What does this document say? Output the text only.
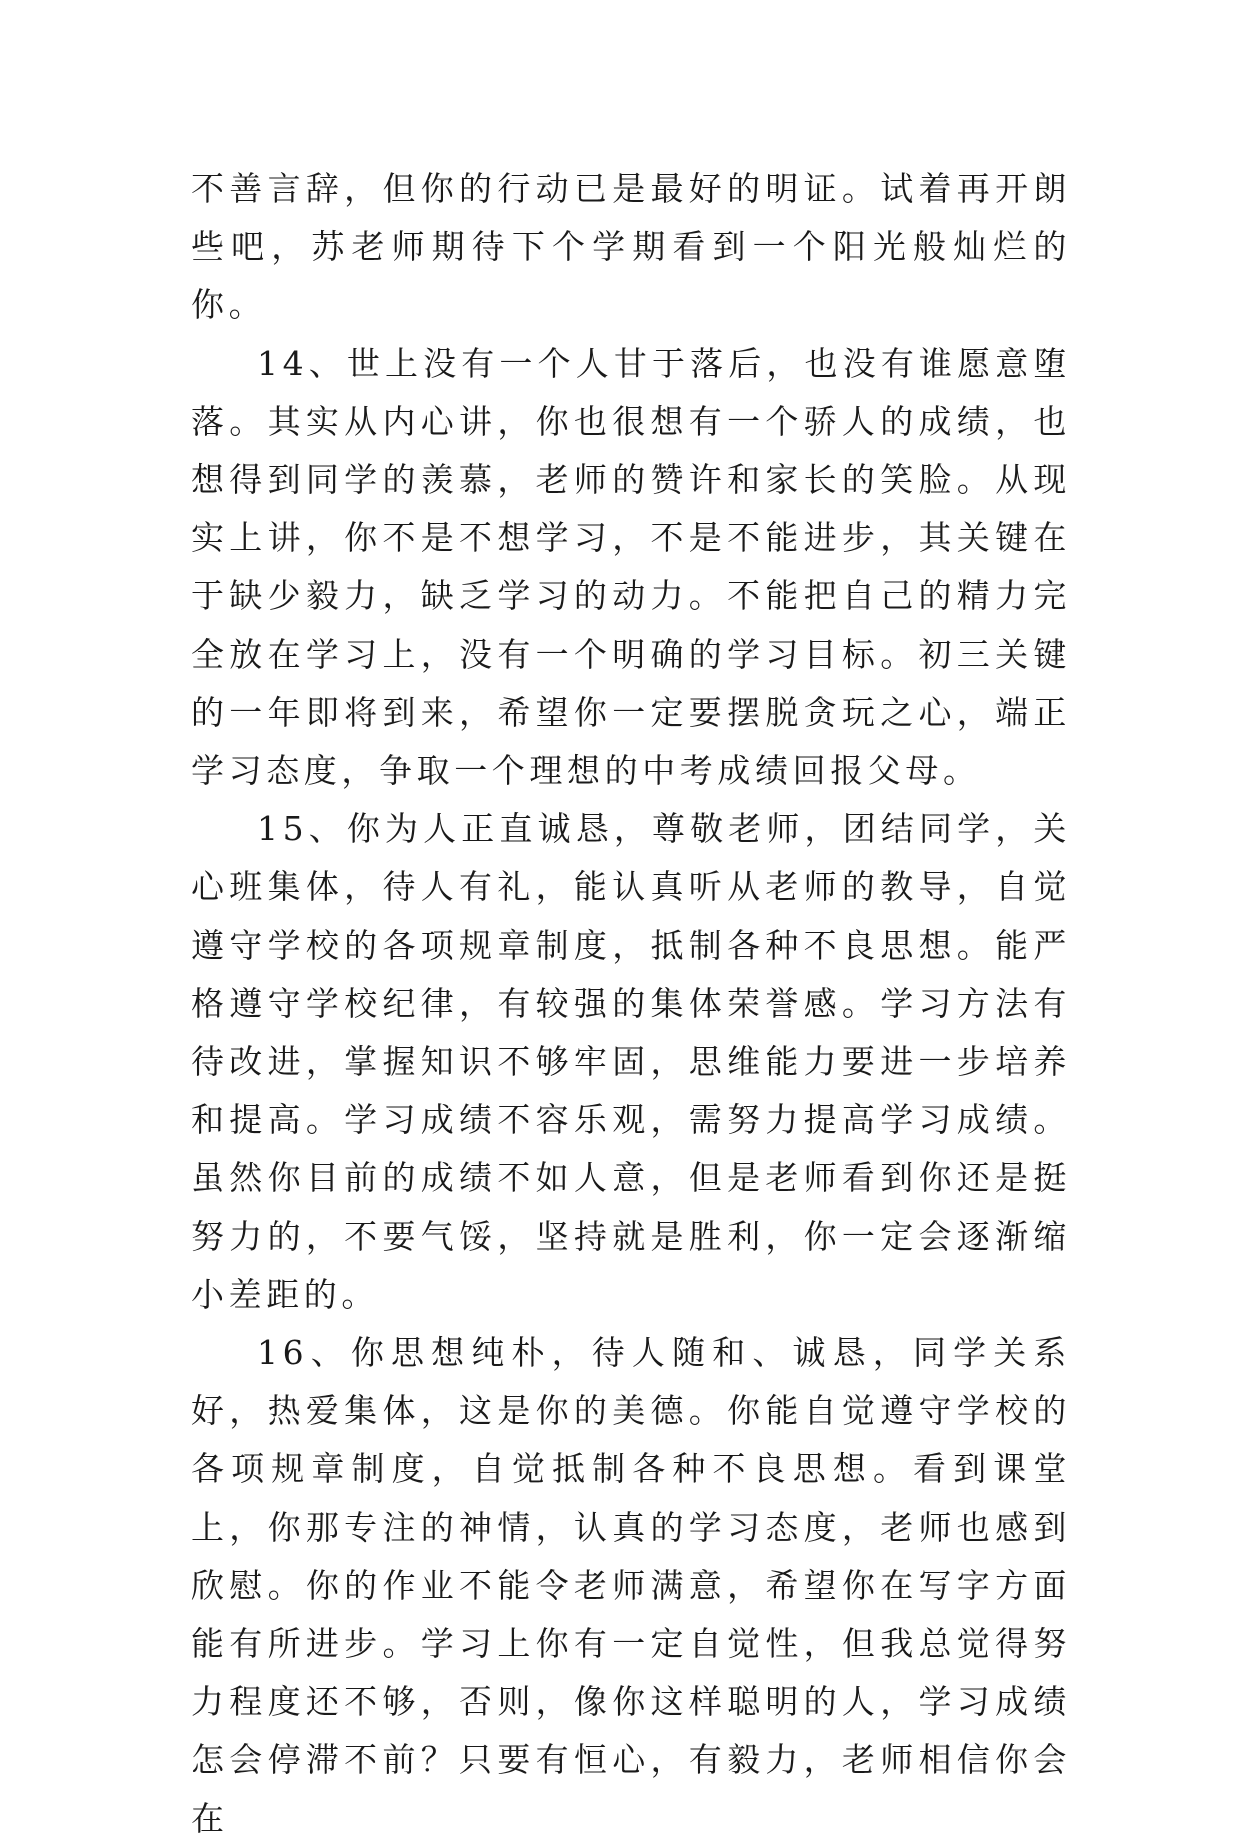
不善言辞，但你的行动已是最好的明证。试着再开朗些吧，苏老师期待下个学期看到一个阳光般灿烂的你。

14、世上没有一个人甘于落后，也没有谁愿意堕落。其实从内心讲，你也很想有一个骄人的成绩，也想得到同学的羡慕，老师的赞许和家长的笑脸。从现实上讲，你不是不想学习，不是不能进步，其关键在于缺少毅力，缺乏学习的动力。不能把自己的精力完全放在学习上，没有一个明确的学习目标。初三关键的一年即将到来，希望你一定要摆脱贪玩之心，端正学习态度，争取一个理想的中考成绩回报父母。

15、你为人正直诚恳，尊敬老师，团结同学，关心班集体，待人有礼，能认真听从老师的教导，自觉遵守学校的各项规章制度，抵制各种不良思想。能严格遵守学校纪律，有较强的集体荣誉感。学习方法有待改进，掌握知识不够牢固，思维能力要进一步培养和提高。学习成绩不容乐观，需努力提高学习成绩。虽然你目前的成绩不如人意，但是老师看到你还是挺努力的，不要气馁，坚持就是胜利，你一定会逐渐缩小差距的。

16、你思想纯朴，待人随和、诚恳，同学关系好，热爱集体，这是你的美德。你能自觉遵守学校的各项规章制度，自觉抵制各种不良思想。看到课堂上，你那专注的神情，认真的学习态度，老师也感到欣慰。你的作业不能令老师满意，希望你在写字方面能有所进步。学习上你有一定自觉性，但我总觉得努力程度还不够，否则，像你这样聪明的人，学习成绩怎会停滞不前？只要有恒心，有毅力，老师相信你会在
